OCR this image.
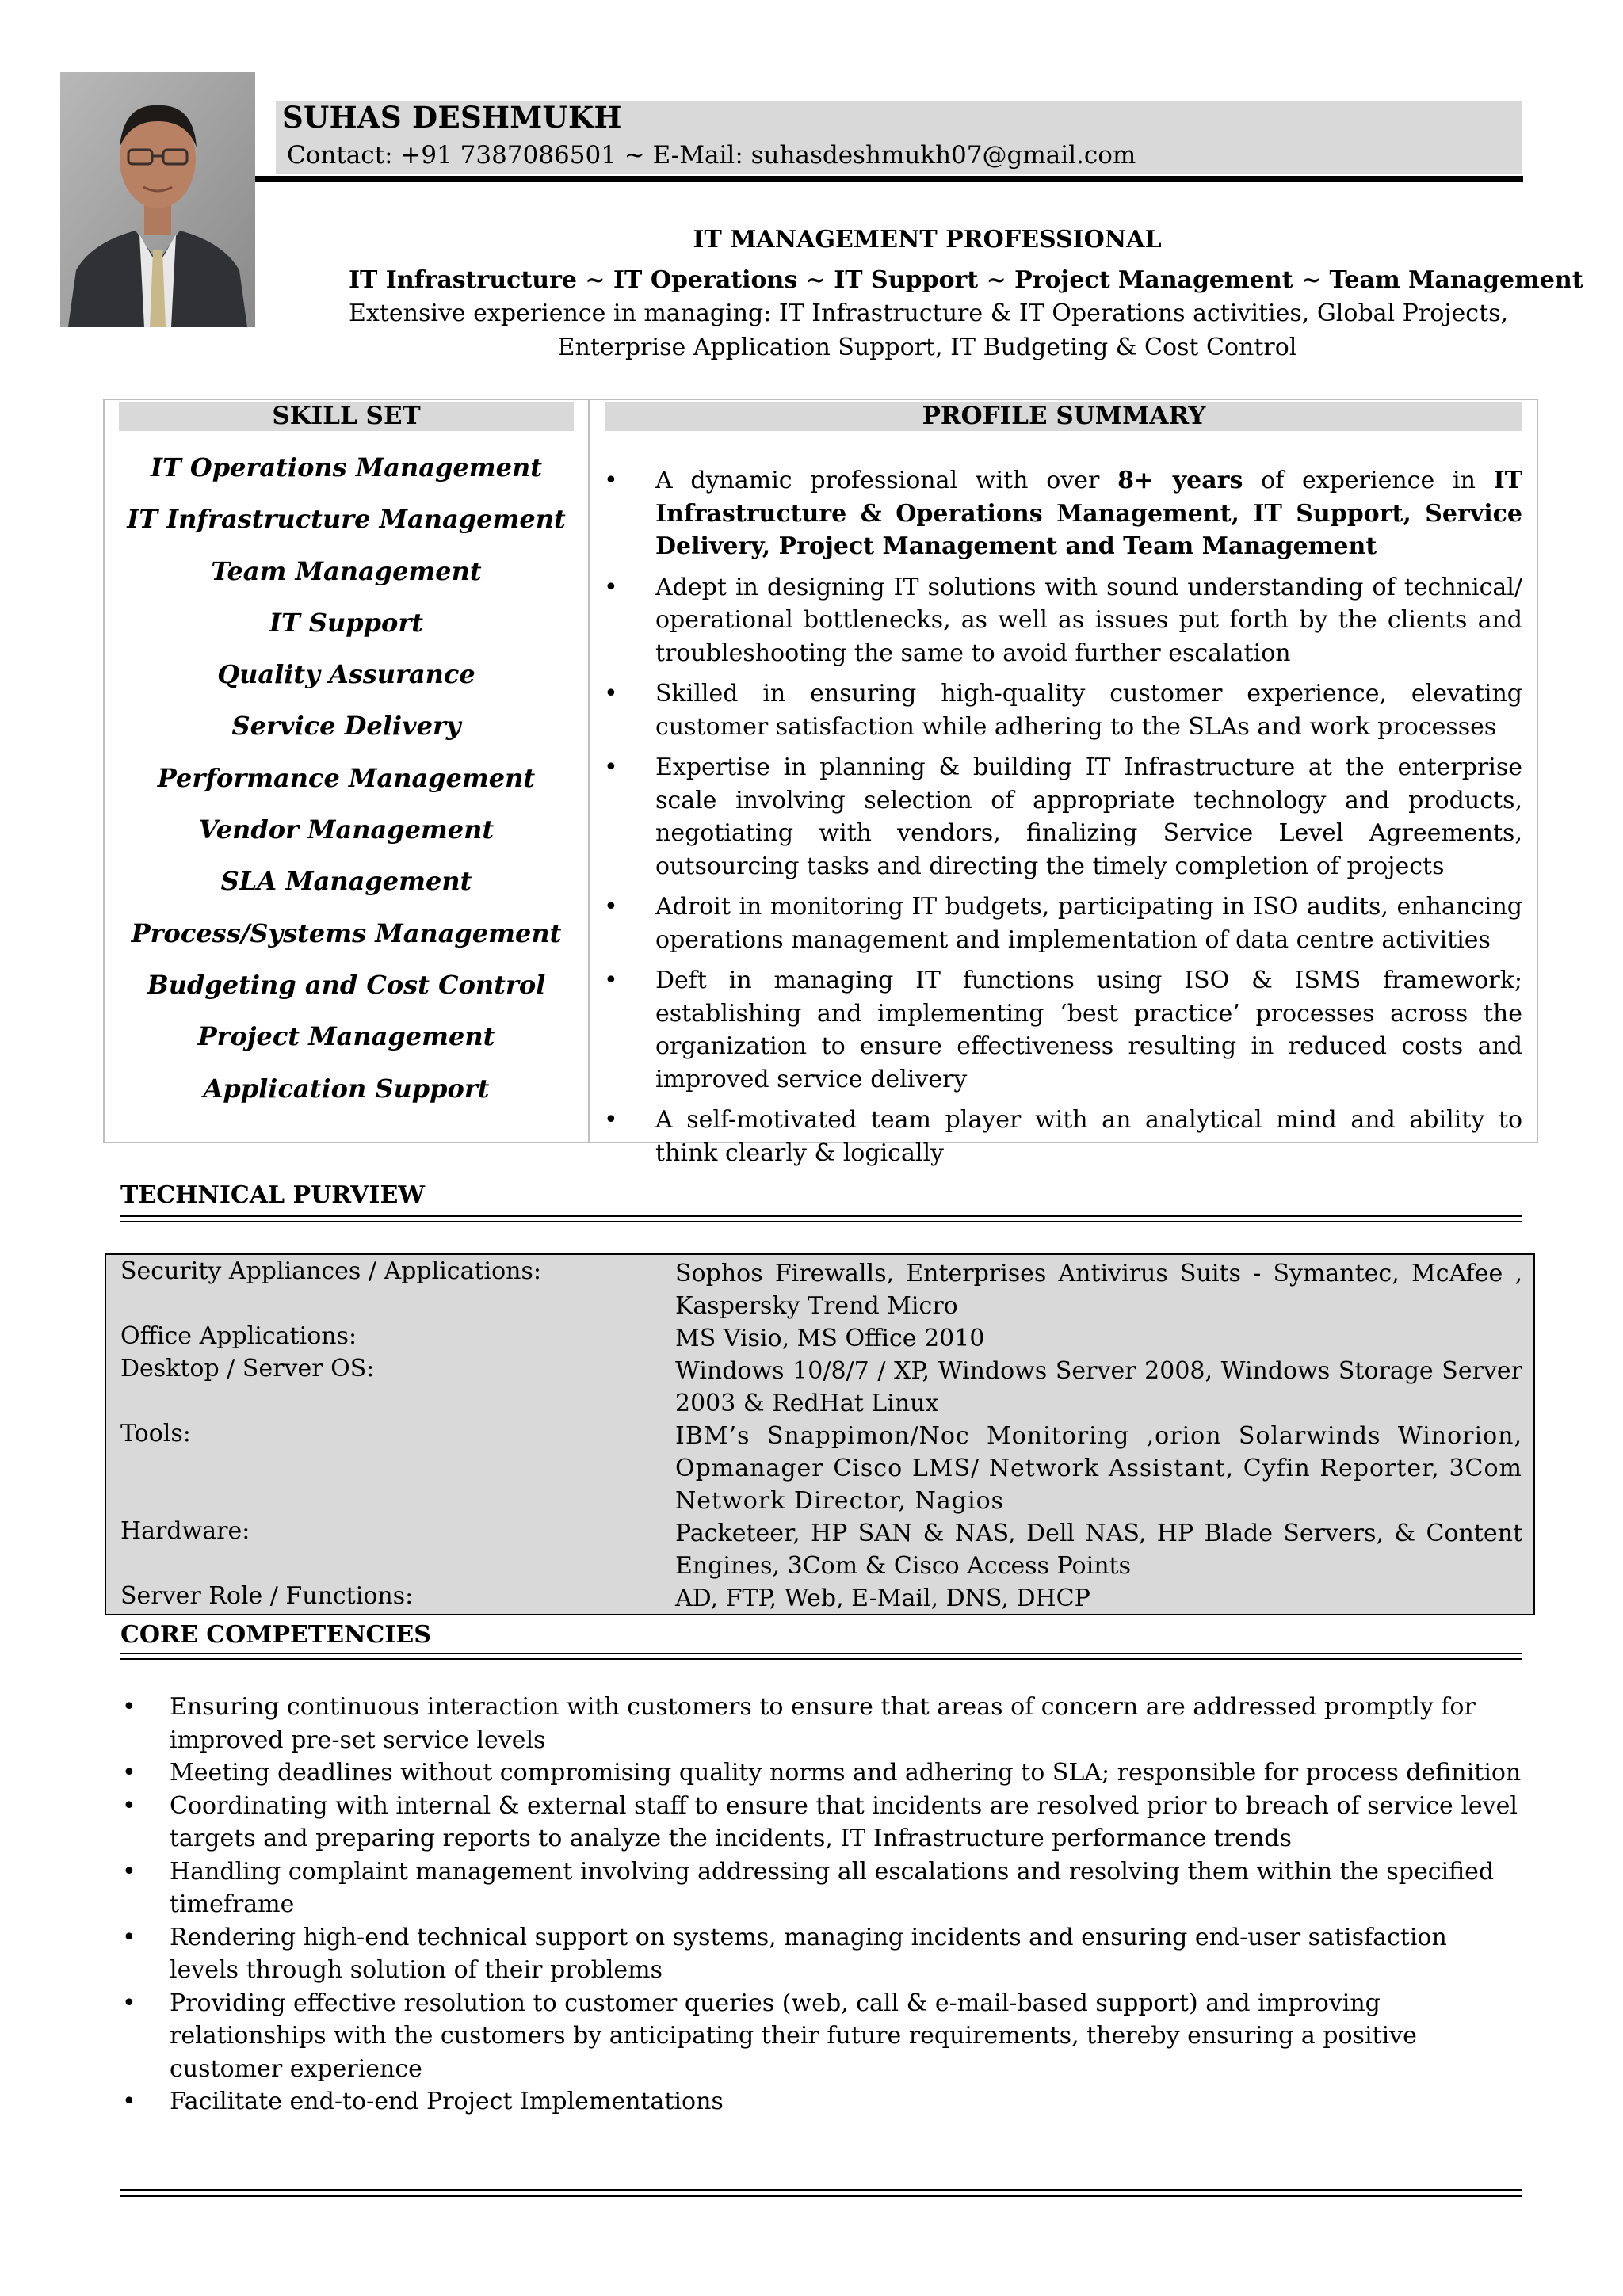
SUHAS DESHMUKH
Contact: +91 7387086501 ~ E-Mail: suhasdeshmukh07@gmail.com
IT MANAGEMENT PROFESSIONAL
IT Infrastructure ~ IT Operations ~ IT Support ~ Project Management ~ Team Management
Extensive experience in managing: IT Infrastructure & IT Operations activities, Global Projects,
Enterprise Application Support, IT Budgeting & Cost Control
SKILL SET	PROFILE SUMMARY
IT Operations Management
IT Infrastructure Management
Team Management
IT Support
Quality Assurance
Service Delivery
Performance Management
Vendor Management
SLA Management
Process/Systems Management
Budgeting and Cost Control
Project Management
Application Support
• A dynamic professional with over 8+ years of experience in IT Infrastructure & Operations Management, IT Support, Service Delivery, Project Management and Team Management
• Adept in designing IT solutions with sound understanding of technical/ operational bottlenecks, as well as issues put forth by the clients and troubleshooting the same to avoid further escalation
• Skilled in ensuring high-quality customer experience, elevating customer satisfaction while adhering to the SLAs and work processes
• Expertise in planning & building IT Infrastructure at the enterprise scale involving selection of appropriate technology and products, negotiating with vendors, finalizing Service Level Agreements, outsourcing tasks and directing the timely completion of projects
• Adroit in monitoring IT budgets, participating in ISO audits, enhancing operations management and implementation of data centre activities
• Deft in managing IT functions using ISO & ISMS framework; establishing and implementing ‘best practice’ processes across the organization to ensure effectiveness resulting in reduced costs and improved service delivery
• A self-motivated team player with an analytical mind and ability to think clearly & logically
TECHNICAL PURVIEW
Security Appliances / Applications:	Sophos Firewalls, Enterprises Antivirus Suits - Symantec, McAfee , Kaspersky Trend Micro
Office Applications:	MS Visio, MS Office 2010
Desktop / Server OS:	Windows 10/8/7 / XP, Windows Server 2008, Windows Storage Server 2003 & RedHat Linux
Tools:	IBM’s Snappimon/Noc Monitoring ,orion Solarwinds Winorion, Opmanager Cisco LMS/ Network Assistant, Cyfin Reporter, 3Com Network Director, Nagios
Hardware:	Packeteer, HP SAN & NAS, Dell NAS, HP Blade Servers, & Content Engines, 3Com & Cisco Access Points
Server Role / Functions:	AD, FTP, Web, E-Mail, DNS, DHCP
CORE COMPETENCIES
• Ensuring continuous interaction with customers to ensure that areas of concern are addressed promptly for improved pre-set service levels
• Meeting deadlines without compromising quality norms and adhering to SLA; responsible for process definition
• Coordinating with internal & external staff to ensure that incidents are resolved prior to breach of service level targets and preparing reports to analyze the incidents, IT Infrastructure performance trends
• Handling complaint management involving addressing all escalations and resolving them within the specified timeframe
• Rendering high-end technical support on systems, managing incidents and ensuring end-user satisfaction levels through solution of their problems
• Providing effective resolution to customer queries (web, call & e-mail-based support) and improving relationships with the customers by anticipating their future requirements, thereby ensuring a positive customer experience
• Facilitate end-to-end Project Implementations
